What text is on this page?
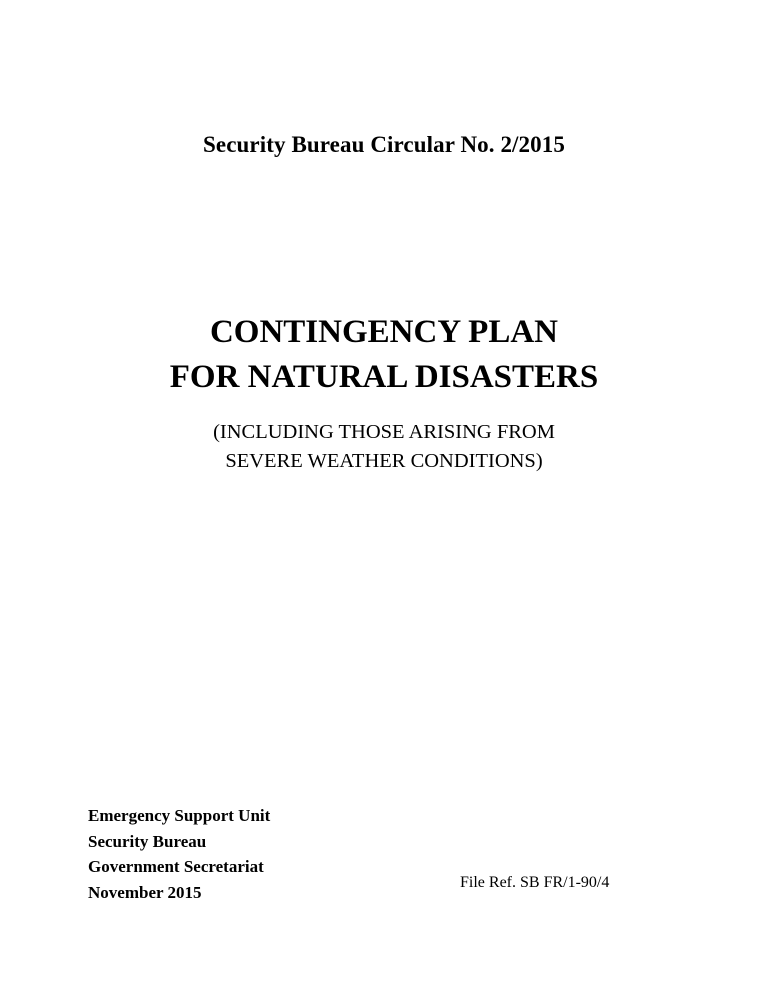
Security Bureau Circular No. 2/2015
CONTINGENCY PLAN
FOR NATURAL DISASTERS
(INCLUDING THOSE ARISING FROM
SEVERE WEATHER CONDITIONS)
Emergency Support Unit
Security Bureau
Government Secretariat
November 2015	File Ref. SB FR/1-90/4
